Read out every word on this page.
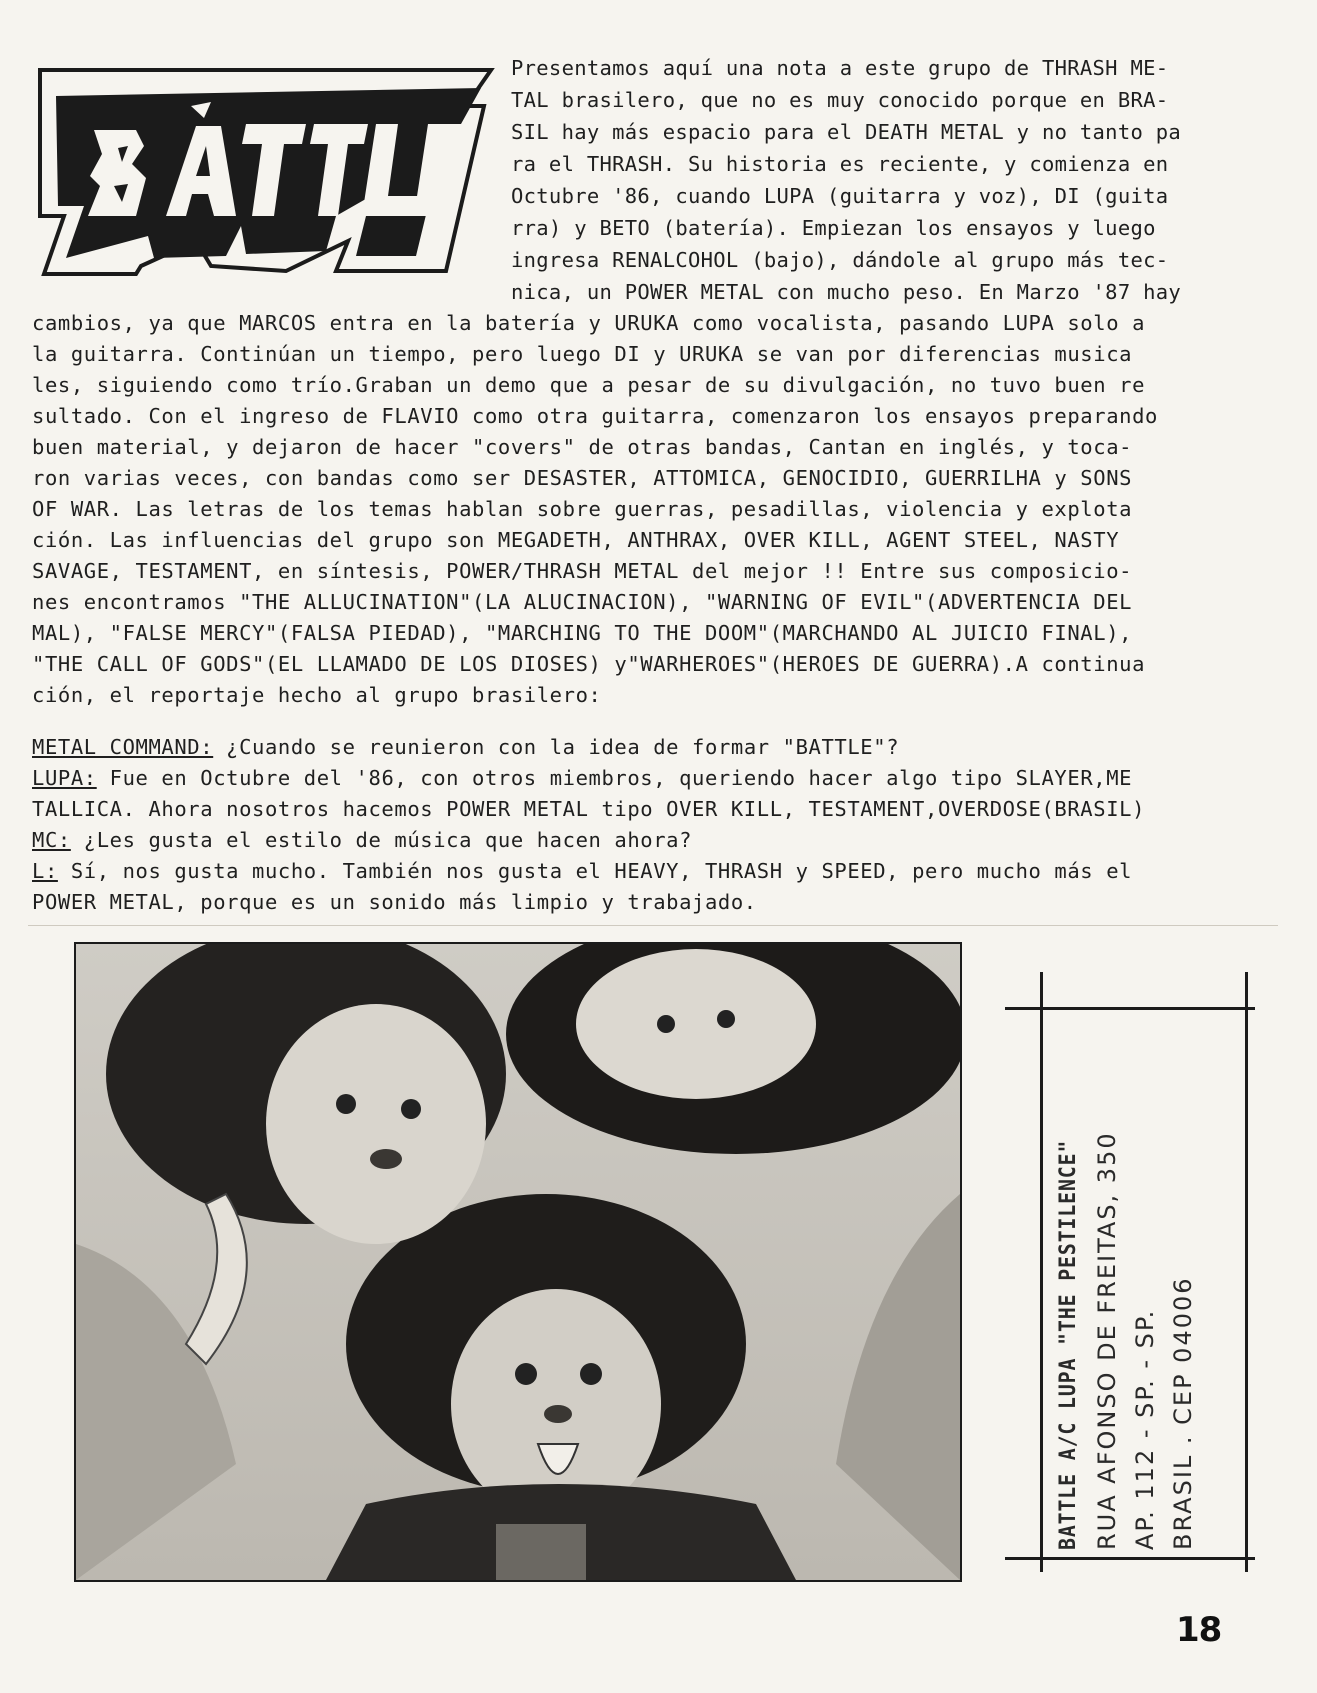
Presentamos aquí una nota a este grupo de THRASH ME-
TAL brasilero, que no es muy conocido porque en BRA-
SIL hay más espacio para el DEATH METAL y no tanto pa
ra el THRASH. Su historia es reciente, y comienza en
Octubre '86, cuando LUPA (guitarra y voz), DI (guita
rra) y BETO (batería). Empiezan los ensayos y luego
ingresa RENALCOHOL (bajo), dándole al grupo más tec-
nica, un POWER METAL con mucho peso. En Marzo '87 hay
cambios, ya que MARCOS entra en la batería y URUKA como vocalista, pasando LUPA solo a
la guitarra. Continúan un tiempo, pero luego DI y URUKA se van por diferencias musica
les, siguiendo como trío.Graban un demo que a pesar de su divulgación, no tuvo buen re
sultado. Con el ingreso de FLAVIO como otra guitarra, comenzaron los ensayos preparando
buen material, y dejaron de hacer "covers" de otras bandas, Cantan en inglés, y toca-
ron varias veces, con bandas como ser DESASTER, ATTOMICA, GENOCIDIO, GUERRILHA y SONS
OF WAR. Las letras de los temas hablan sobre guerras, pesadillas, violencia y explota
ción. Las influencias del grupo son MEGADETH, ANTHRAX, OVER KILL, AGENT STEEL, NASTY
SAVAGE, TESTAMENT, en síntesis, POWER/THRASH METAL del mejor !! Entre sus composicio-
nes encontramos "THE ALLUCINATION"(LA ALUCINACION), "WARNING OF EVIL"(ADVERTENCIA DEL
MAL), "FALSE MERCY"(FALSA PIEDAD), "MARCHING TO THE DOOM"(MARCHANDO AL JUICIO FINAL),
"THE CALL OF GODS"(EL LLAMADO DE LOS DIOSES) y"WARHEROES"(HEROES DE GUERRA).A continua
ción, el reportaje hecho al grupo brasilero:
METAL COMMAND: ¿Cuando se reunieron con la idea de formar "BATTLE"?
LUPA: Fue en Octubre del '86, con otros miembros, queriendo hacer algo tipo SLAYER,ME
TALLICA. Ahora nosotros hacemos POWER METAL tipo OVER KILL, TESTAMENT,OVERDOSE(BRASIL)
MC: ¿Les gusta el estilo de música que hacen ahora?
L: Sí, nos gusta mucho. También nos gusta el HEAVY, THRASH y SPEED, pero mucho más el
POWER METAL, porque es un sonido más limpio y trabajado.
BATTLE A/C LUPA "THE PESTILENCE" RUA AFONSO DE FREITAS, 350 AP. 112 - SP. - SP. BRASIL . CEP 04006
18
